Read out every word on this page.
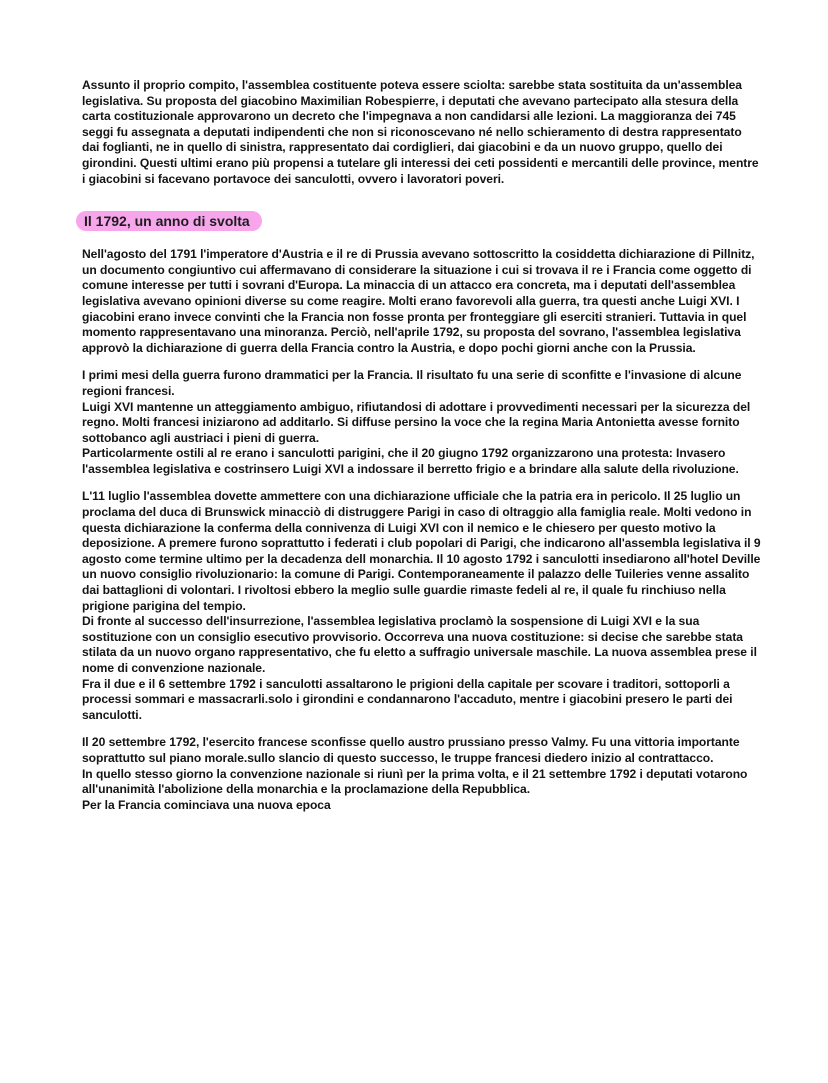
Assunto il proprio compito, l'assemblea costituente poteva essere sciolta: sarebbe stata sostituita da un'assemblea legislativa. Su proposta del giacobino Maximilian Robespierre, i deputati che avevano partecipato alla stesura della carta costituzionale approvarono un decreto che l'impegnava a non candidarsi alle lezioni. La maggioranza dei 745 seggi fu assegnata a deputati indipendenti che non si riconoscevano né nello schieramento di destra rappresentato dai foglianti, ne in quello di sinistra, rappresentato dai cordiglieri, dai giacobini e da un nuovo gruppo, quello dei girondini. Questi ultimi erano più propensi a tutelare gli interessi dei ceti possidenti e mercantili delle province, mentre i giacobini si facevano portavoce dei sanculotti, ovvero i lavoratori poveri.

Il 1792, un anno di svolta

Nell'agosto del 1791 l'imperatore d'Austria e il re di Prussia avevano sottoscritto la cosiddetta dichiarazione di Pillnitz, un documento congiuntivo cui affermavano di considerare la situazione i cui si trovava il re i Francia come oggetto di comune interesse per tutti i sovrani d'Europa. La minaccia di un attacco era concreta, ma i deputati dell'assemblea legislativa avevano opinioni diverse su come reagire. Molti erano favorevoli alla guerra, tra questi anche Luigi XVI. I giacobini erano invece convinti che la Francia non fosse pronta per fronteggiare gli eserciti stranieri. Tuttavia in quel momento rappresentavano una minoranza. Perciò, nell'aprile 1792, su proposta del sovrano, l'assemblea legislativa approvò la dichiarazione di guerra della Francia contro la Austria, e dopo pochi giorni anche con la Prussia.

I primi mesi della guerra furono drammatici per la Francia. Il risultato fu una serie di sconfitte e l'invasione di alcune regioni francesi.

Luigi XVI mantenne un atteggiamento ambiguo, rifiutandosi di adottare i provvedimenti necessari per la sicurezza del regno. Molti francesi iniziarono ad additarlo. Si diffuse persino la voce che la regina Maria Antonietta avesse fornito sottobanco agli austriaci i pieni di guerra.

Particolarmente ostili al re erano i sanculotti parigini, che il 20 giugno 1792 organizzarono una protesta: Invasero l'assemblea legislativa e costrinsero Luigi XVI a indossare il berretto frigio e a brindare alla salute della rivoluzione.

L'11 luglio l'assemblea dovette ammettere con una dichiarazione ufficiale che la patria era in pericolo. Il 25 luglio un proclama del duca di Brunswick minacciò di distruggere Parigi in caso di oltraggio alla famiglia reale. Molti vedono in questa dichiarazione la conferma della connivenza di Luigi XVI con il nemico e le chiesero per questo motivo la deposizione. A premere furono soprattutto i federati i club popolari di Parigi, che indicarono all'assembla legislativa il 9 agosto come termine ultimo per la decadenza dell monarchia. Il 10 agosto 1792 i sanculotti insediarono all'hotel Deville un nuovo consiglio rivoluzionario: la comune di Parigi. Contemporaneamente il palazzo delle Tuileries venne assalito dai battaglioni di volontari. I rivoltosi ebbero la meglio sulle guardie rimaste fedeli al re, il quale fu rinchiuso nella prigione parigina del tempio.

Di fronte al successo dell'insurrezione, l'assemblea legislativa proclamò la sospensione di Luigi XVI e la sua sostituzione con un consiglio esecutivo provvisorio. Occorreva una nuova costituzione: si decise che sarebbe stata stilata da un nuovo organo rappresentativo, che fu eletto a suffragio universale maschile. La nuova assemblea prese il nome di convenzione nazionale.

Fra il due e il 6 settembre 1792 i sanculotti assaltarono le prigioni della capitale per scovare i traditori, sottoporli a processi sommari e massacrarli.solo i girondini e condannarono l'accaduto, mentre i giacobini presero le parti dei sanculotti.

Il 20 settembre 1792, l'esercito francese sconfisse quello austro prussiano presso Valmy. Fu una vittoria importante soprattutto sul piano morale.sullo slancio di questo successo, le truppe francesi diedero inizio al contrattacco.

In quello stesso giorno la convenzione nazionale si riunì per la prima volta, e il 21 settembre 1792 i deputati votarono all'unanimità l'abolizione della monarchia e la proclamazione della Repubblica.

Per la Francia cominciava una nuova epoca
